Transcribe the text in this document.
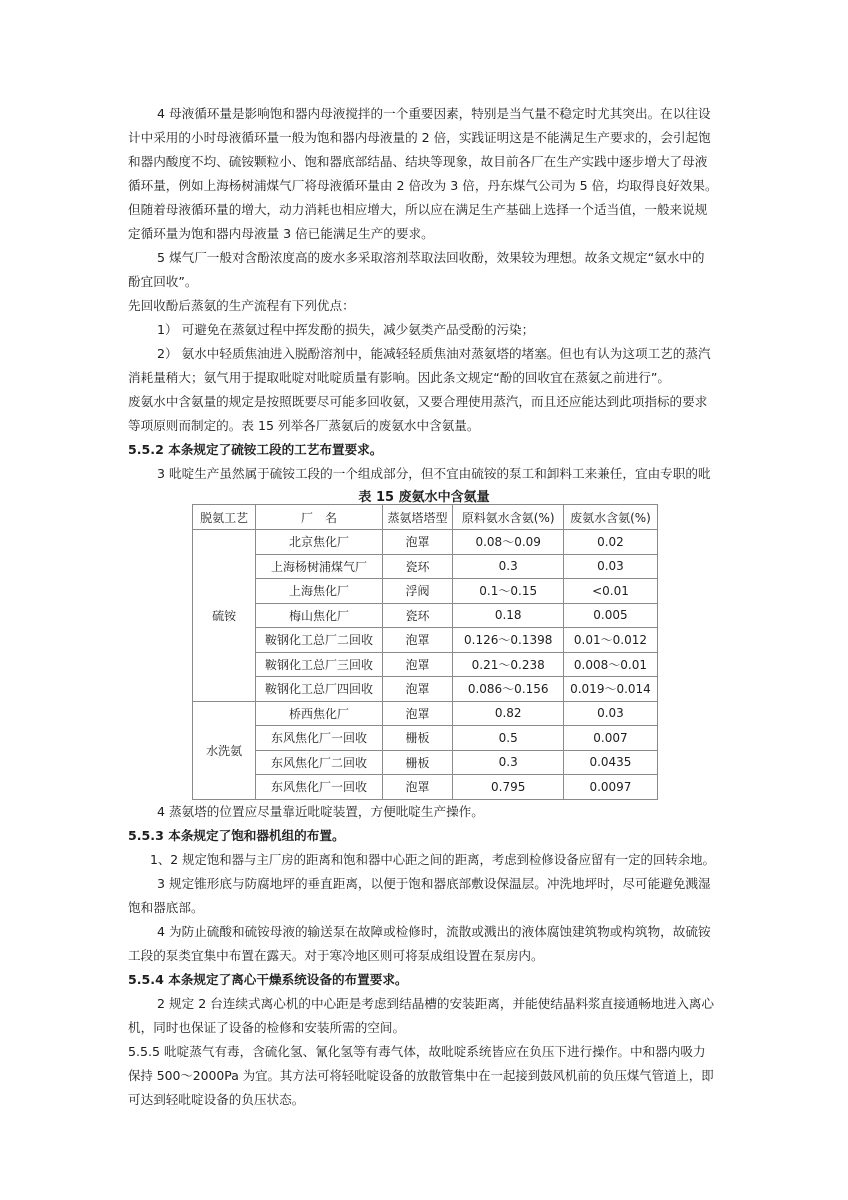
4 母液循环量是影响饱和器内母液搅拌的一个重要因素，特别是当气量不稳定时尤其突出。在以往设
计中采用的小时母液循环量一般为饱和器内母液量的 2 倍，实践证明这是不能满足生产要求的，会引起饱
和器内酸度不均、硫铵颗粒小、饱和器底部结晶、结块等现象，故目前各厂在生产实践中逐步增大了母液
循环量，例如上海杨树浦煤气厂将母液循环量由 2 倍改为 3 倍，丹东煤气公司为 5 倍，均取得良好效果。
但随着母液循环量的增大，动力消耗也相应增大，所以应在满足生产基础上选择一个适当值，一般来说规
定循环量为饱和器内母液量 3 倍已能满足生产的要求。
5 煤气厂一般对含酚浓度高的废水多采取溶剂萃取法回收酚，效果较为理想。故条文规定“氨水中的
酚宜回收”。
先回收酚后蒸氨的生产流程有下列优点：
1） 可避免在蒸氨过程中挥发酚的损失，减少氨类产品受酚的污染；
2） 氨水中轻质焦油进入脱酚溶剂中，能减轻轻质焦油对蒸氨塔的堵塞。但也有认为这项工艺的蒸汽
消耗量稍大；氨气用于提取吡啶对吡啶质量有影响。因此条文规定“酚的回收宜在蒸氨之前进行”。
废氨水中含氨量的规定是按照既要尽可能多回收氨，又要合理使用蒸汽，而且还应能达到此项指标的要求
等项原则而制定的。表 15 列举各厂蒸氨后的废氨水中含氨量。
5.5.2 本条规定了硫铵工段的工艺布置要求。
3 吡啶生产虽然属于硫铵工段的一个组成部分，但不宜由硫铵的泵工和卸料工来兼任，宜由专职的吡
表 15 废氨水中含氨量
脱氨工艺	厂　名	蒸氨塔塔型	原料氨水含氨(%)	废氨水含氨(%)
硫铵	北京焦化厂	泡罩	0.08～0.09	0.02
	上海杨树浦煤气厂	瓷环	0.3	0.03
	上海焦化厂	浮阀	0.1～0.15	<0.01
	梅山焦化厂	瓷环	0.18	0.005
	鞍钢化工总厂二回收	泡罩	0.126～0.1398	0.01～0.012
	鞍钢化工总厂三回收	泡罩	0.21～0.238	0.008～0.01
	鞍钢化工总厂四回收	泡罩	0.086～0.156	0.019～0.014
水洗氨	桥西焦化厂	泡罩	0.82	0.03
	东风焦化厂一回收	栅板	0.5	0.007
	东风焦化厂二回收	栅板	0.3	0.0435
	东风焦化厂一回收	泡罩	0.795	0.0097
4 蒸氨塔的位置应尽量靠近吡啶装置，方便吡啶生产操作。
5.5.3 本条规定了饱和器机组的布置。
1、2 规定饱和器与主厂房的距离和饱和器中心距之间的距离，考虑到检修设备应留有一定的回转余地。
3 规定锥形底与防腐地坪的垂直距离，以便于饱和器底部敷设保温层。冲洗地坪时，尽可能避免溅湿
饱和器底部。
4 为防止硫酸和硫铵母液的输送泵在故障或检修时，流散或溅出的液体腐蚀建筑物或构筑物，故硫铵
工段的泵类宜集中布置在露天。对于寒冷地区则可将泵成组设置在泵房内。
5.5.4 本条规定了离心干燥系统设备的布置要求。
2 规定 2 台连续式离心机的中心距是考虑到结晶槽的安装距离，并能使结晶料浆直接通畅地进入离心
机，同时也保证了设备的检修和安装所需的空间。
5.5.5 吡啶蒸气有毒，含硫化氢、氰化氢等有毒气体，故吡啶系统皆应在负压下进行操作。中和器内吸力
保持 500～2000Pa 为宜。其方法可将轻吡啶设备的放散管集中在一起接到鼓风机前的负压煤气管道上，即
可达到轻吡啶设备的负压状态。
